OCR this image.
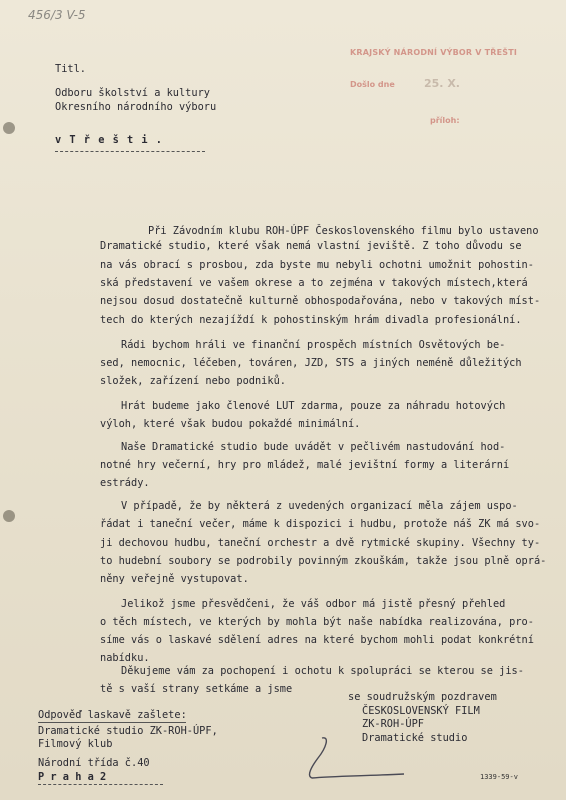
456/3 V-5
KRAJSKÝ NÁRODNÍ VÝBOR V TŘEŠTI
Došlo dne	25. X.
příloh:
Titl.
Odboru školství a kultury
Okresního národního výboru
v T ř e š t i .
Při Závodním klubu ROH-ÚPF Československého filmu bylo ustaveno
Dramatické studio, které však nemá vlastní jeviště. Z toho důvodu se
na vás obrací s prosbou, zda byste mu nebyli ochotni umožnit pohostin-
ská představení ve vašem okrese a to zejména v takových místech,která
nejsou dosud dostatečně kulturně obhospodařována, nebo v takových míst-
tech do kterých nezajíždí k pohostinským hrám divadla profesionální.
Rádi bychom hráli ve finanční prospěch místních Osvětových be-
sed, nemocnic, léčeben, továren, JZD, STS a jiných neméně důležitých
složek, zařízení nebo podniků.
Hrát budeme jako členové LUT zdarma, pouze za náhradu hotových
výloh, které však budou pokaždé minimální.
Naše Dramatické studio bude uvádět v pečlivém nastudování hod-
notné hry večerní, hry pro mládež, malé jevištní formy a literární
estrády.
V případě, že by některá z uvedených organizací měla zájem uspo-
řádat i taneční večer, máme k dispozici i hudbu, protože náš ZK má svo-
ji dechovou hudbu, taneční orchestr a dvě rytmické skupiny. Všechny ty-
to hudební soubory se podrobily povinným zkouškám, takže jsou plně oprá-
něny veřejně vystupovat.
Jelikož jsme přesvědčeni, že váš odbor má jistě přesný přehled
o těch místech, ve kterých by mohla být naše nabídka realizována, pro-
síme vás o laskavé sdělení adres na které bychom mohli podat konkrétní
nabídku.
Děkujeme vám za pochopení i ochotu k spolupráci se kterou se jis-
tě s vaší strany setkáme a jsme
se soudružským pozdravem
ČESKOSLOVENSKÝ FILM
ZK-ROH-ÚPF
Dramatické studio
Odpověď laskavě zašlete:
Dramatické studio ZK-ROH-ÚPF,
Filmový klub
Národní třída č.40
P r a h a 2	1339-59-v
